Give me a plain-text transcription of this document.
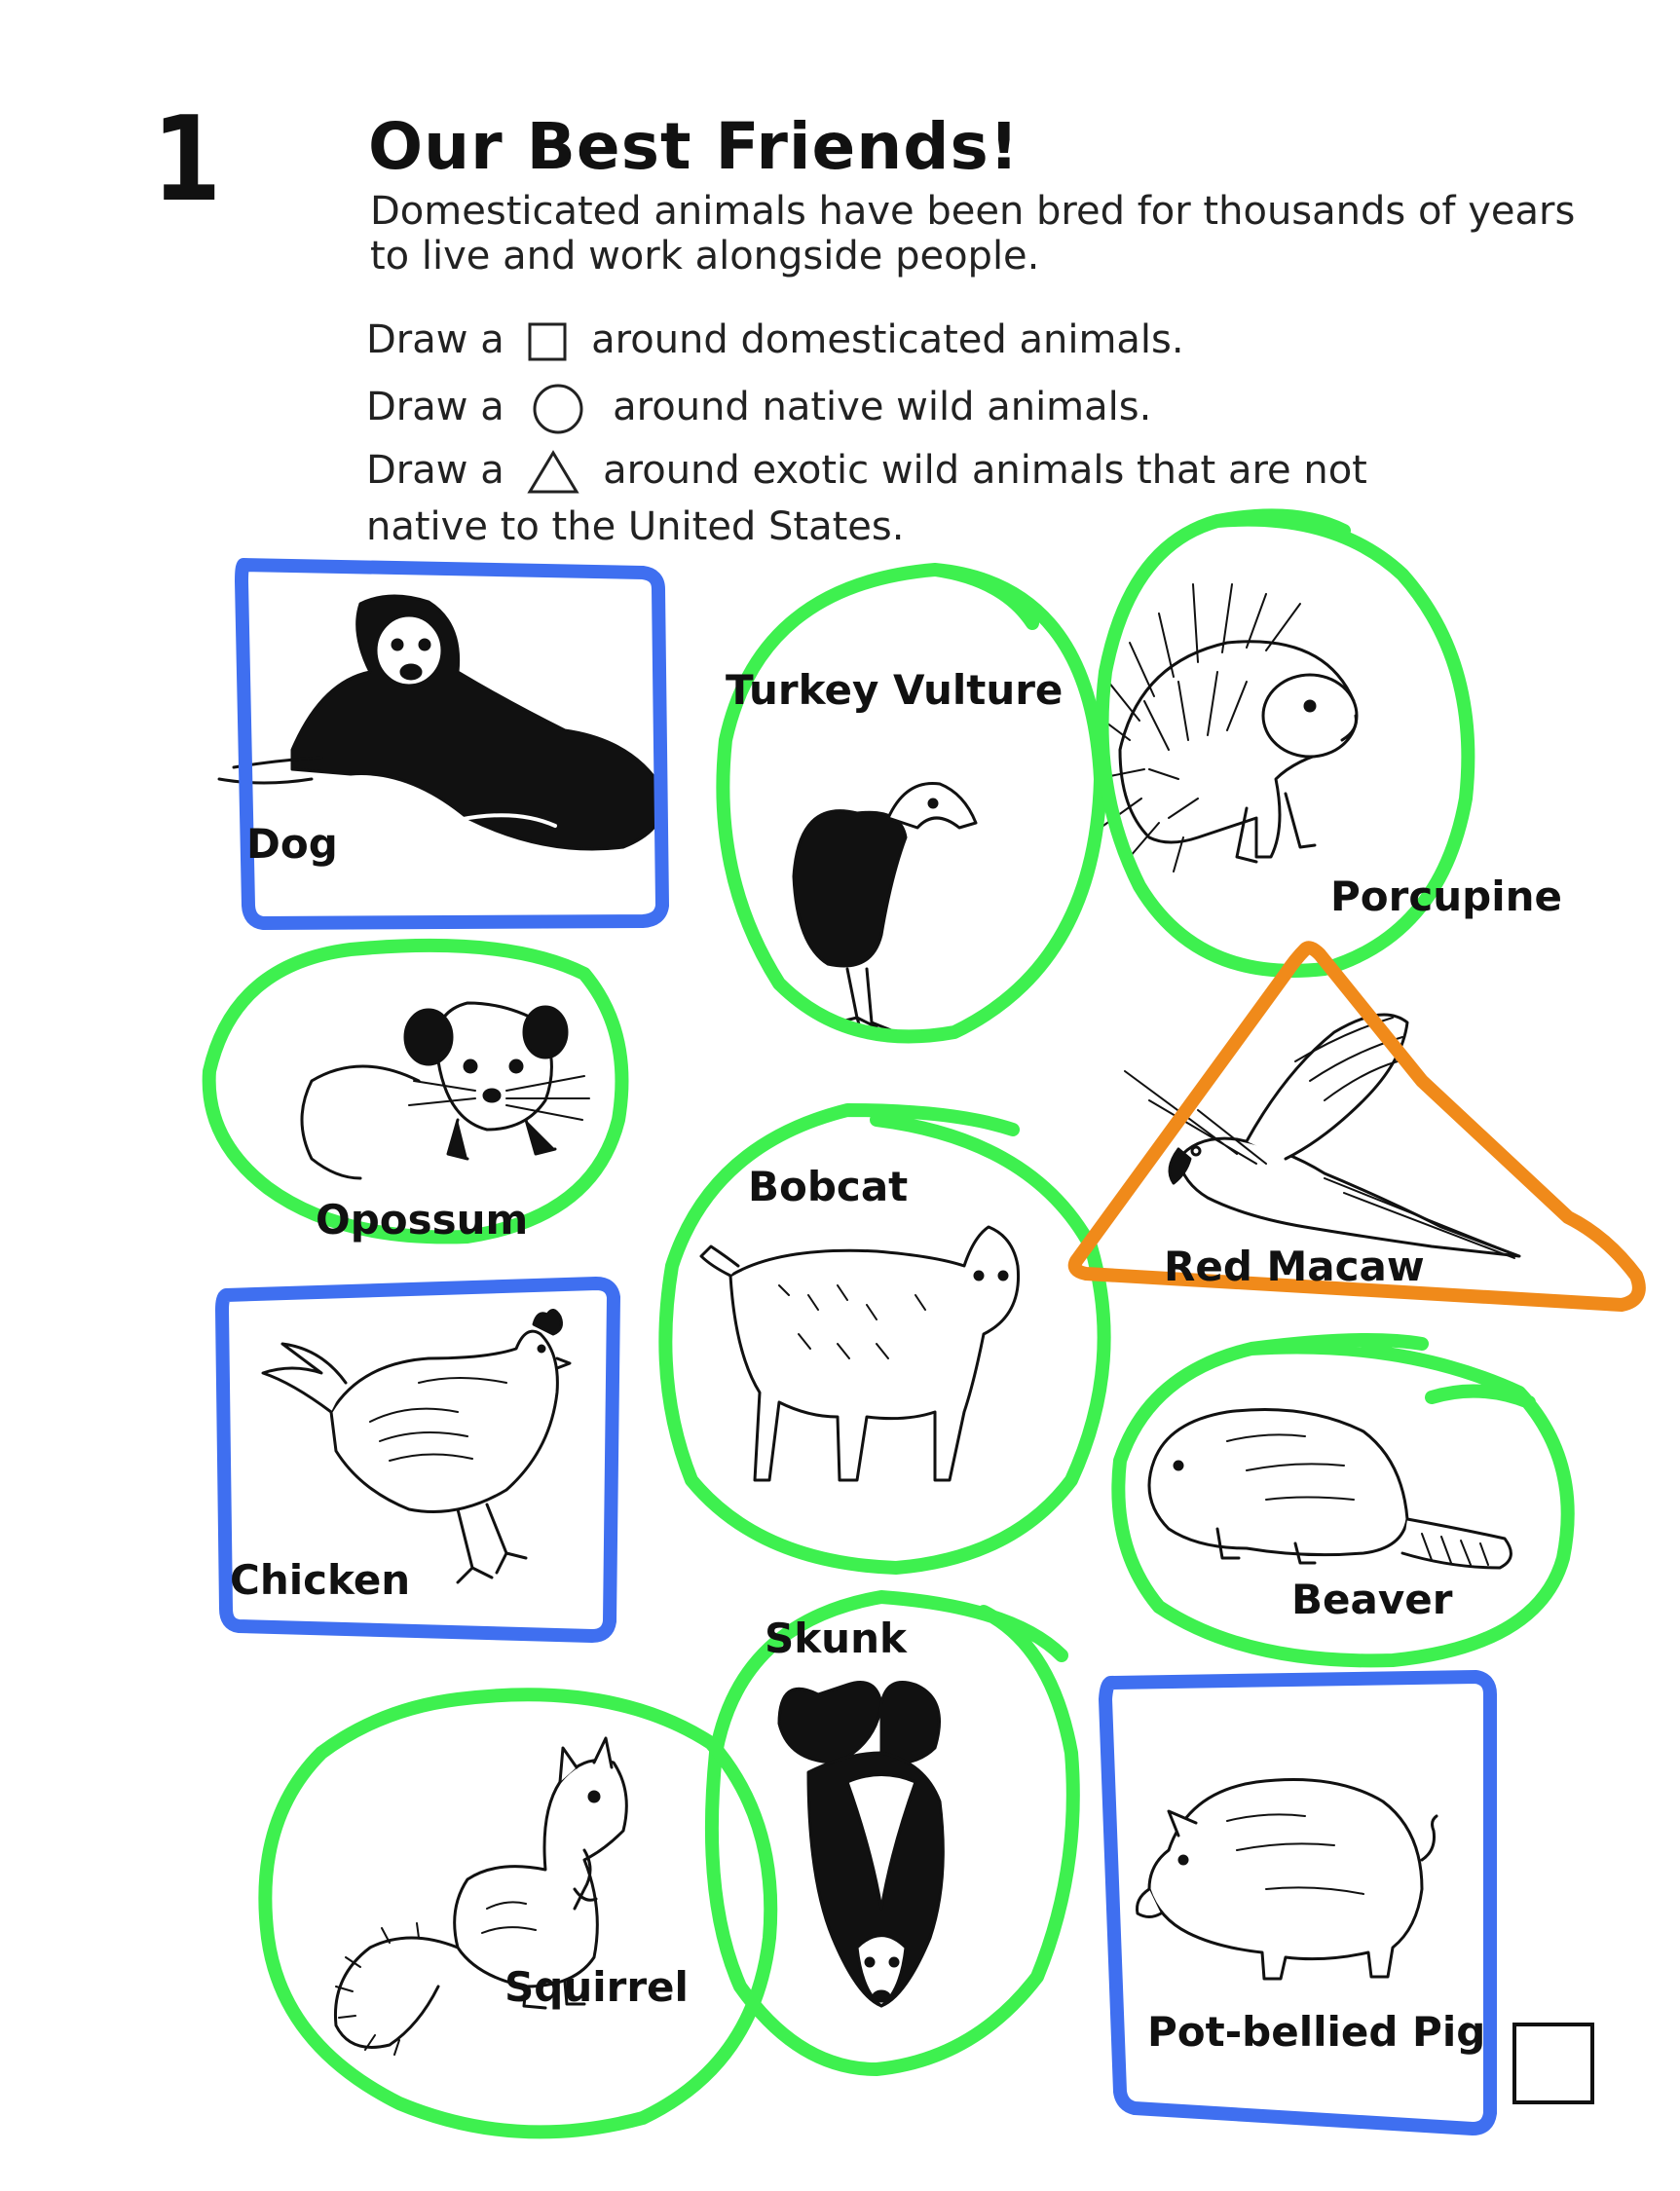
1 Our Best Friends!
Domesticated animals have been bred for thousands of years to live and work alongside people.
Draw a around domesticated animals.
Draw a	around native wild animals.
Draw a	around exotic wild animals that are not
native to the United States.
Dog
Turkey Vulture
Porcupine
Opossum
Bobcat
Red Macaw
Chicken	Beaver
Skunk
Squirrel
Pot-bellied Pig
